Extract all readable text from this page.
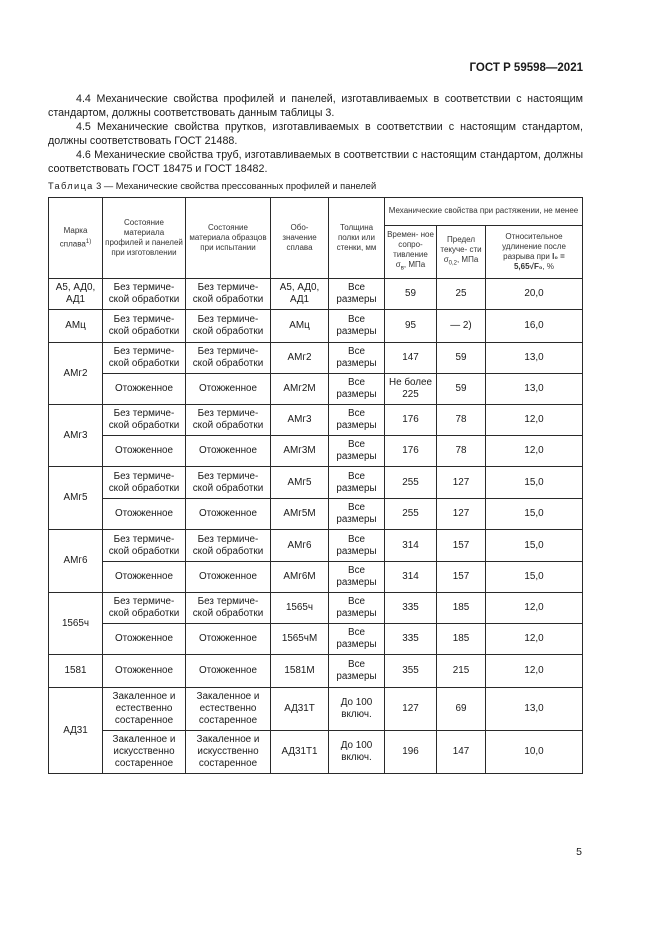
ГОСТ Р 59598—2021

4.4 Механические свойства профилей и панелей, изготавливаемых в соответствии с настоящим стандартом, должны соответствовать данным таблицы 3.

4.5 Механические свойства прутков, изготавливаемых в соответствии с настоящим стандартом, должны соответствовать ГОСТ 21488.

4.6 Механические свойства труб, изготавливаемых в соответствии с настоящим стандартом, должны соответствовать ГОСТ 18475 и ГОСТ 18482.

Таблица 3 — Механические свойства прессованных профилей и панелей
Марка сплава$^{1)}$	Состояние материала профилей и панелей при изготовлении	Состояние материала образцов при испытании	Обо- значение сплава	Толщина полки или стенки, мм	Механические свойства при растяжении, не менее		
					Времен- ное сопро- тивление $\sigma_в$, МПа	Предел текуче- сти $\sigma_{0,2}$, МПа	Относительное удлинение после разрыва при l₀ = 5,65√F₀, %
А5, АД0, АД1	Без термиче- ской обработки	Без термиче- ской обработки	А5, АД0, АД1	Все размеры	59	25	20,0
АМц	Без термиче- ской обработки	Без термиче- ской обработки	АМц	Все размеры	95	— 2)	16,0
АМг2	Без термиче- ской обработки	Без термиче- ской обработки	АМг2	Все размеры	147	59	13,0
	Отожженное	Отожженное	АМг2М	Все размеры	Не более 225	59	13,0
АМг3	Без термиче- ской обработки	Без термиче- ской обработки	АМг3	Все размеры	176	78	12,0
	Отожженное	Отожженное	АМг3М	Все размеры	176	78	12,0
АМг5	Без термиче- ской обработки	Без термиче- ской обработки	АМг5	Все размеры	255	127	15,0
	Отожженное	Отожженное	АМг5М	Все размеры	255	127	15,0
АМг6	Без термиче- ской обработки	Без термиче- ской обработки	АМг6	Все размеры	314	157	15,0
	Отожженное	Отожженное	АМг6М	Все размеры	314	157	15,0
1565ч	Без термиче- ской обработки	Без термиче- ской обработки	1565ч	Все размеры	335	185	12,0
	Отожженное	Отожженное	1565чМ	Все размеры	335	185	12,0
1581	Отожженное	Отожженное	1581М	Все размеры	355	215	12,0
АД31	Закаленное и естественно состаренное	Закаленное и естественно состаренное	АД31Т	До 100 включ.	127	69	13,0
	Закаленное и искусственно состаренное	Закаленное и искусственно состаренное	АД31Т1	До 100 включ.	196	147	10,0
5
